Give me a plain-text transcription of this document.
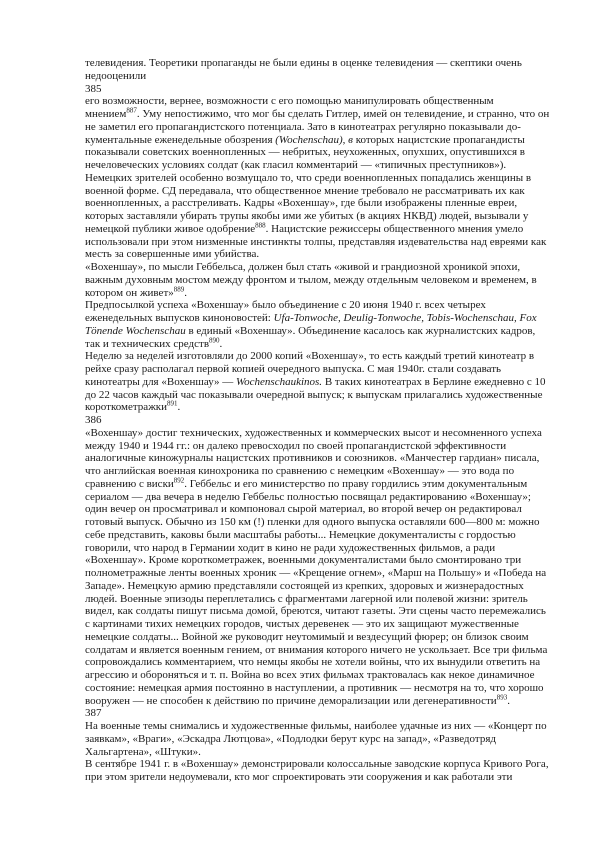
телевидения. Теоретики пропаганды не были едины в оценке телевидения — скептики очень
недооценили
385
его возможности, вернее, возможности с его помощью манипулировать общественным
мнением$^{887}$. Уму непостижимо, что мог бы сделать Гитлер, имей он телевидение, и странно, что он
не заметил его пропагандистского потенциала. Зато в кинотеатрах регулярно показывали до-
кументальные еженедельные обозрения (Wochenschau), в которых нацистские пропагандисты
показывали советских военнопленных — небритых, неухоженных, опухших, опустившихся в
нечеловеческих условиях солдат (как гласил комментарий — «типичных преступников»).
Немецких зрителей особенно возмущало то, что среди военнопленных попадались женщины в
военной форме. СД передавала, что общественное мнение требовало не рассматривать их как
военнопленных, а расстреливать. Кадры «Вохеншау», где были изображены пленные евреи,
которых заставляли убирать трупы якобы ими же убитых (в акциях НКВД) людей, вызывали у
немецкой публики живое одобрение$^{888}$. Нацистские режиссеры общественного мнения умело
использовали при этом низменные инстинкты толпы, представляя издевательства над евреями как
месть за совершенные ими убийства.
«Вохеншау», по мысли Геббельса, должен был стать «живой и грандиозной хроникой эпохи,
важным духовным мостом между фронтом и тылом, между отдельным человеком и временем, в
котором он живет»$^{889}$.
Предпосылкой успеха «Вохеншау» было объединение с 20 июня 1940 г. всех четырех
еженедельных выпусков киноновостей: Ufa-Tonwoche, Deulig-Tonwoche, Tobis-Wochenschau, Fox
Tönende Wochenschau в единый «Вохеншау». Объединение касалось как журналистских кадров,
так и технических средств$^{890}$.
Неделю за неделей изготовляли до 2000 копий «Вохеншау», то есть каждый третий кинотеатр в
рейхе сразу располагал первой копией очередного выпуска. С мая 1940г. стали создавать
кинотеатры для «Вохеншау» — Wochenschaukinos. В таких кинотеатрах в Берлине ежедневно с 10
до 22 часов каждый час показывали очередной выпуск; к выпускам прилагались художественные
короткометражки$^{891}$.
386
«Вохеншау» достиг технических, художественных и коммерческих высот и несомненного успеха
между 1940 и 1944 гг.: он далеко превосходил по своей пропагандистской эффективности
аналогичные киножурналы нацистских противников и союзников. «Манчестер гардиан» писала,
что английская военная кинохроника по сравнению с немецким «Вохеншау» — это вода по
сравнению с виски$^{892}$. Геббельс и его министерство по праву гордились этим документальным
сериалом — два вечера в неделю Геббельс полностью посвящал редактированию «Вохеншау»;
один вечер он просматривал и компоновал сырой материал, во второй вечер он редактировал
готовый выпуск. Обычно из 150 км (!) пленки для одного выпуска оставляли 600—800 м: можно
себе представить, каковы были масштабы работы... Немецкие документалисты с гордостью
говорили, что народ в Германии ходит в кино не ради художественных фильмов, а ради
«Вохеншау». Кроме короткометражек, военными документалистами было смонтировано три
полнометражные ленты военных хроник — «Крещение огнем», «Марш на Польшу» и «Победа на
Западе». Немецкую армию представляли состоящей из крепких, здоровых и жизнерадостных
людей. Военные эпизоды переплетались с фрагментами лагерной или полевой жизни: зритель
видел, как солдаты пишут письма домой, бреются, читают газеты. Эти сцены часто перемежались
с картинами тихих немецких городов, чистых деревенек — это их защищают мужественные
немецкие солдаты... Войной же руководит неутомимый и вездесущий фюрер; он близок своим
солдатам и является военным гением, от внимания которого ничего не ускользает. Все три фильма
сопровождались комментарием, что немцы якобы не хотели войны, что их вынудили ответить на
агрессию и обороняться и т. п. Война во всех этих фильмах трактовалась как некое динамичное
состояние: немецкая армия постоянно в наступлении, а противник — несмотря на то, что хорошо
вооружен — не способен к действию по причине деморализации или дегенеративности$^{893}$.
387
На военные темы снимались и художественные фильмы, наиболее удачные из них — «Концерт по
заявкам», «Враги», «Эскадра Лютцова», «Подлодки берут курс на запад», «Разведотряд
Хальгартена», «Штуки».
В сентябре 1941 г. в «Вохеншау» демонстрировали колоссальные заводские корпуса Кривого Рога,
при этом зрители недоумевали, кто мог спроектировать эти сооружения и как работали эти
